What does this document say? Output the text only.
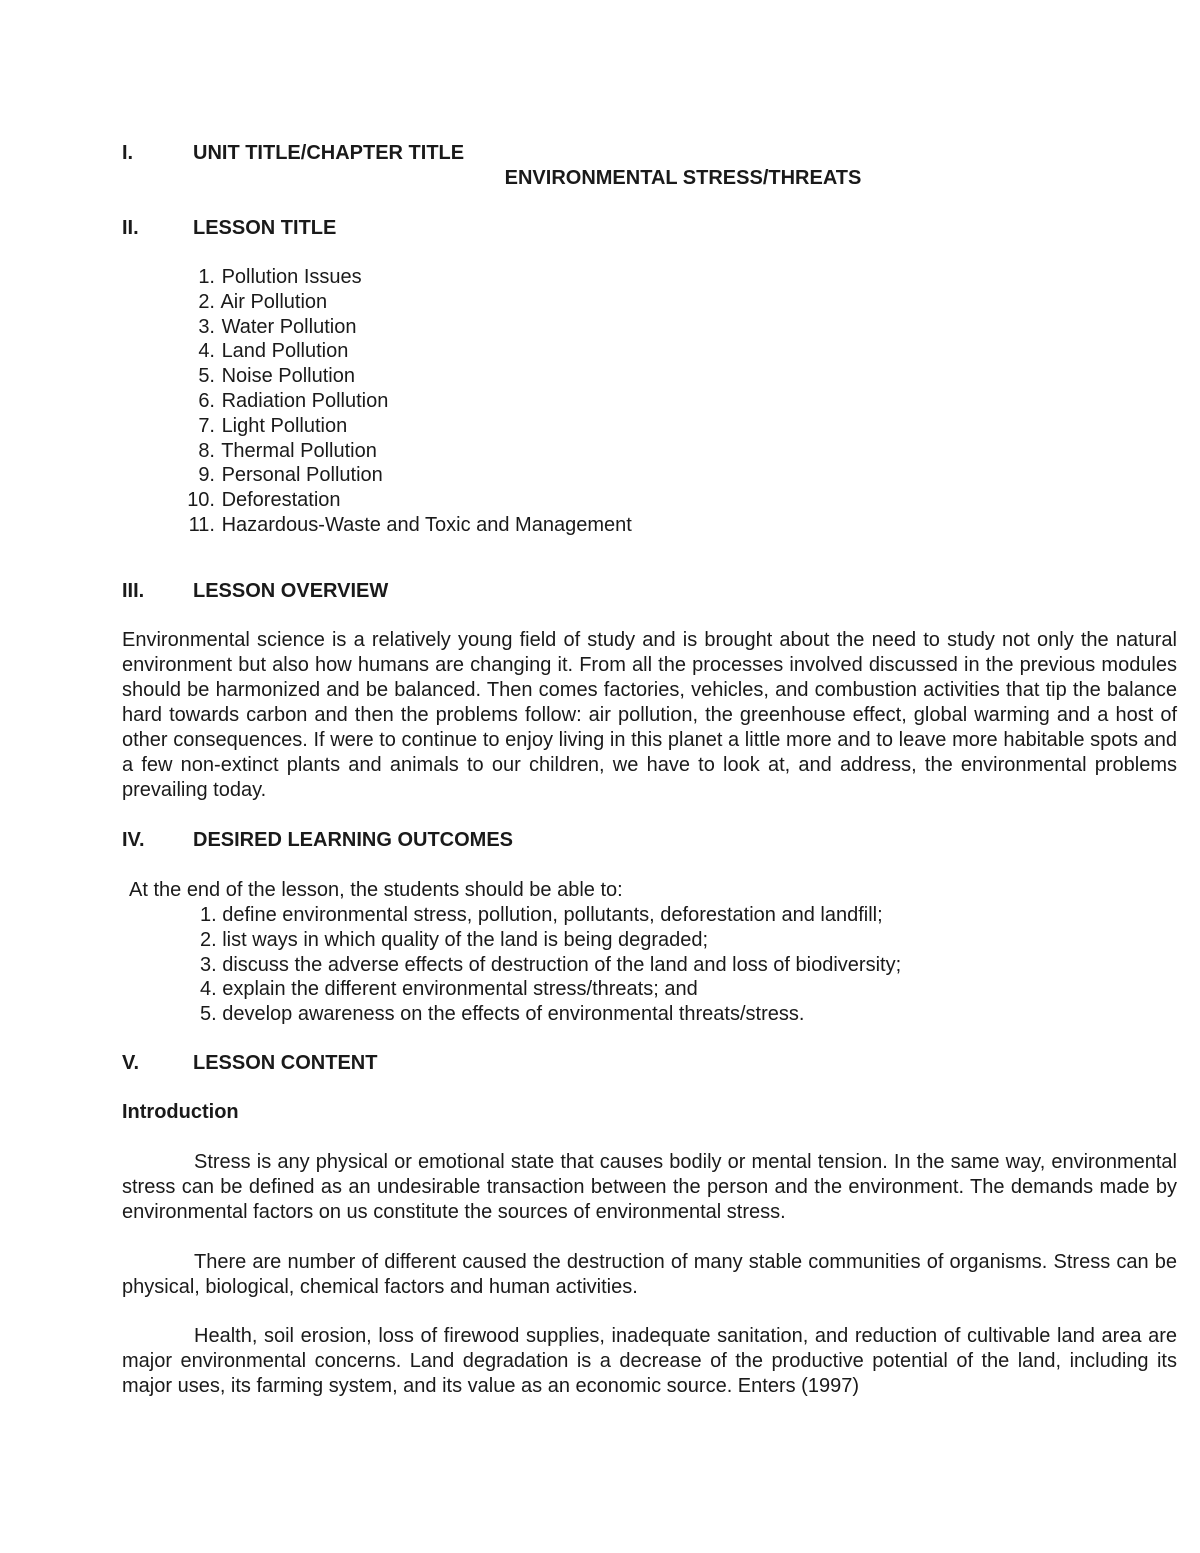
I.	UNIT TITLE/CHAPTER TITLE
ENVIRONMENTAL STRESS/THREATS
II.	LESSON TITLE
1. Pollution Issues
2. Air Pollution
3. Water Pollution
4. Land Pollution
5. Noise Pollution
6. Radiation Pollution
7. Light Pollution
8. Thermal Pollution
9. Personal Pollution
10. Deforestation
11. Hazardous-Waste and Toxic and Management
III. LESSON OVERVIEW

Environmental science is a relatively young field of study and is brought about the need to study not only the natural environment but also how humans are changing it. From all the processes involved discussed in the previous modules should be harmonized and be balanced. Then comes factories, vehicles, and combustion activities that tip the balance hard towards carbon and then the problems follow: air pollution, the greenhouse effect, global warming and a host of other consequences. If were to continue to enjoy living in this planet a little more and to leave more habitable spots and a few non-extinct plants and animals to our children, we have to look at, and address, the environmental problems prevailing today.

IV. DESIRED LEARNING OUTCOMES
At the end of the lesson, the students should be able to:
1. define environmental stress, pollution, pollutants, deforestation and landfill;
2. list ways in which quality of the land is being degraded;
3. discuss the adverse effects of destruction of the land and loss of biodiversity;
4. explain the different environmental stress/threats; and
5. develop awareness on the effects of environmental threats/stress.
V.	LESSON CONTENT
Introduction

Stress is any physical or emotional state that causes bodily or mental tension. In the same way, environmental stress can be defined as an undesirable transaction between the person and the environment. The demands made by environmental factors on us constitute the sources of environmental stress.

There are number of different caused the destruction of many stable communities of organisms. Stress can be physical, biological, chemical factors and human activities.

Health, soil erosion, loss of firewood supplies, inadequate sanitation, and reduction of cultivable land area are major environmental concerns. Land degradation is a decrease of the productive potential of the land, including its major uses, its farming system, and its value as an economic source. Enters (1997)
